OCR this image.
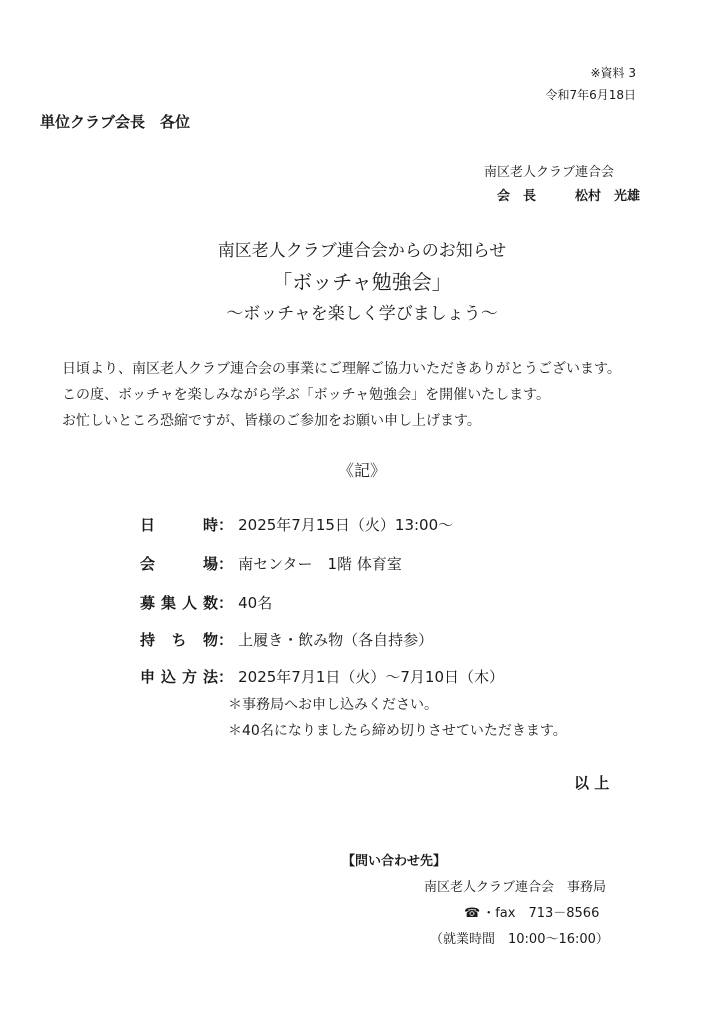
※資料 3
令和7年6月18日
単位クラブ会長　各位
南区老人クラブ連合会
会　長　　　松村　光雄
南区老人クラブ連合会からのお知らせ
「ボッチャ勉強会」
～ボッチャを楽しく学びましょう～
日頃より、南区老人クラブ連合会の事業にご理解ご協力いただきありがとうございます。
この度、ボッチャを楽しみながら学ぶ「ボッチャ勉強会」を開催いたします。
お忙しいところ恐縮ですが、皆様のご参加をお願い申し上げます。
《記》
日	時 ： 2025年7月15日（火）13:00～
会	場 ： 南センター　1階 体育室
募 集 人 数 ： 40名
持 ち 物 ： 上履き・飲み物（各自持参）
申 込 方 法 ： 2025年7月1日（火）～7月10日（木）
＊事務局へお申し込みください。
＊40名になりましたら締め切りさせていただきます。
以 上
【問い合わせ先】
南区老人クラブ連合会　事務局
☎ ・fax　713－8566
（就業時間　10:00～16:00）
